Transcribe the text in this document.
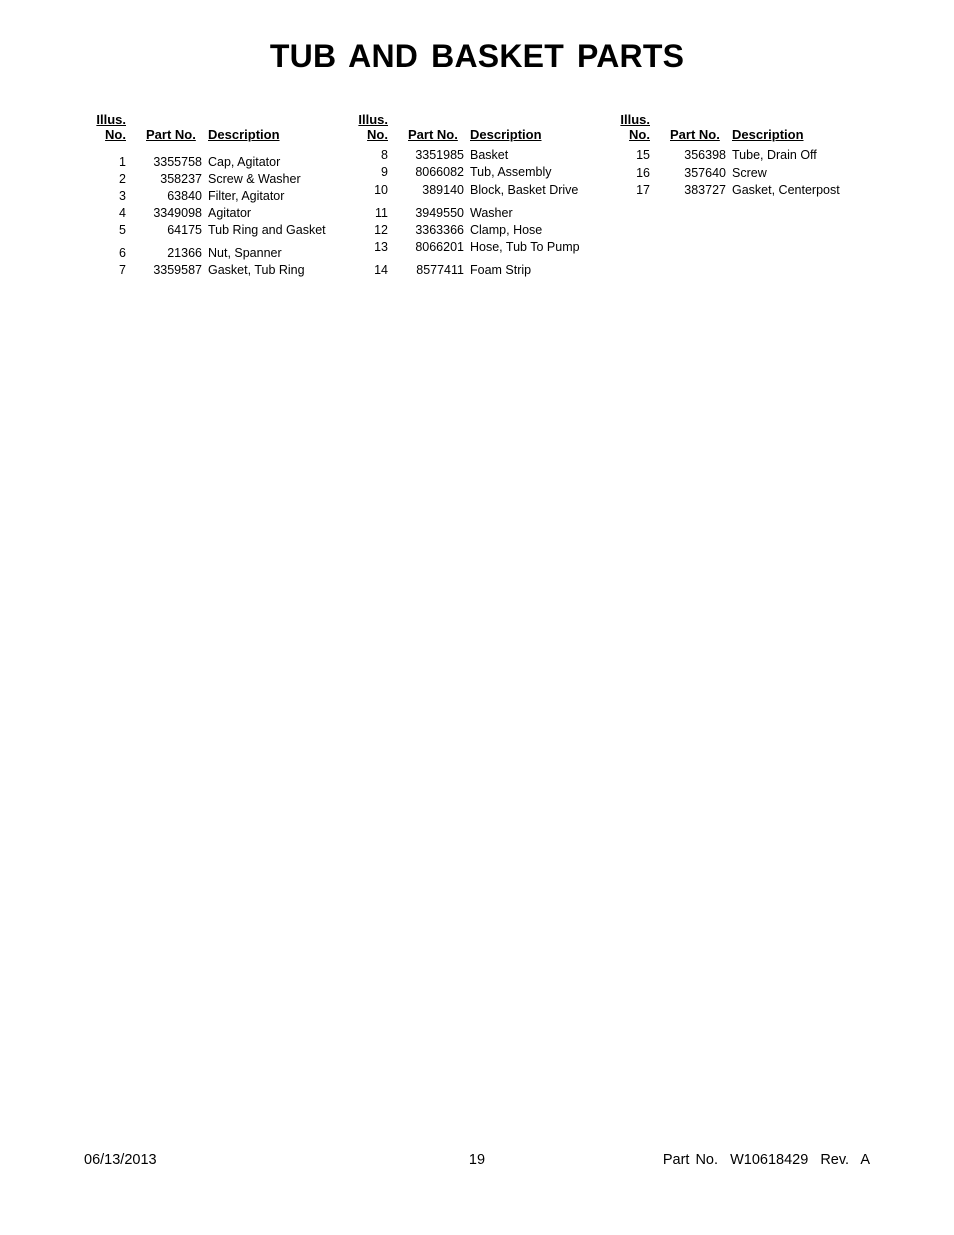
TUB AND BASKET PARTS
Illus.
No. Part No. Description
1	3355758 Cap, Agitator
2	358237 Screw & Washer
3	63840 Filter, Agitator
4	3349098 Agitator
5	64175 Tub Ring and Gasket
6	21366 Nut, Spanner
7	3359587 Gasket, Tub Ring
Illus.
No. Part No. Description
8	3351985 Basket
9	8066082 Tub, Assembly
10	389140 Block, Basket Drive
11	3949550 Washer
12	3363366 Clamp, Hose
13	8066201 Hose, Tub To Pump
14	8577411 Foam Strip
Illus.
No. Part No. Description
15	356398 Tube, Drain Off
16	357640 Screw
17	383727 Gasket, Centerpost
06/13/2013	19	Part No.  W10618429  Rev.  A
